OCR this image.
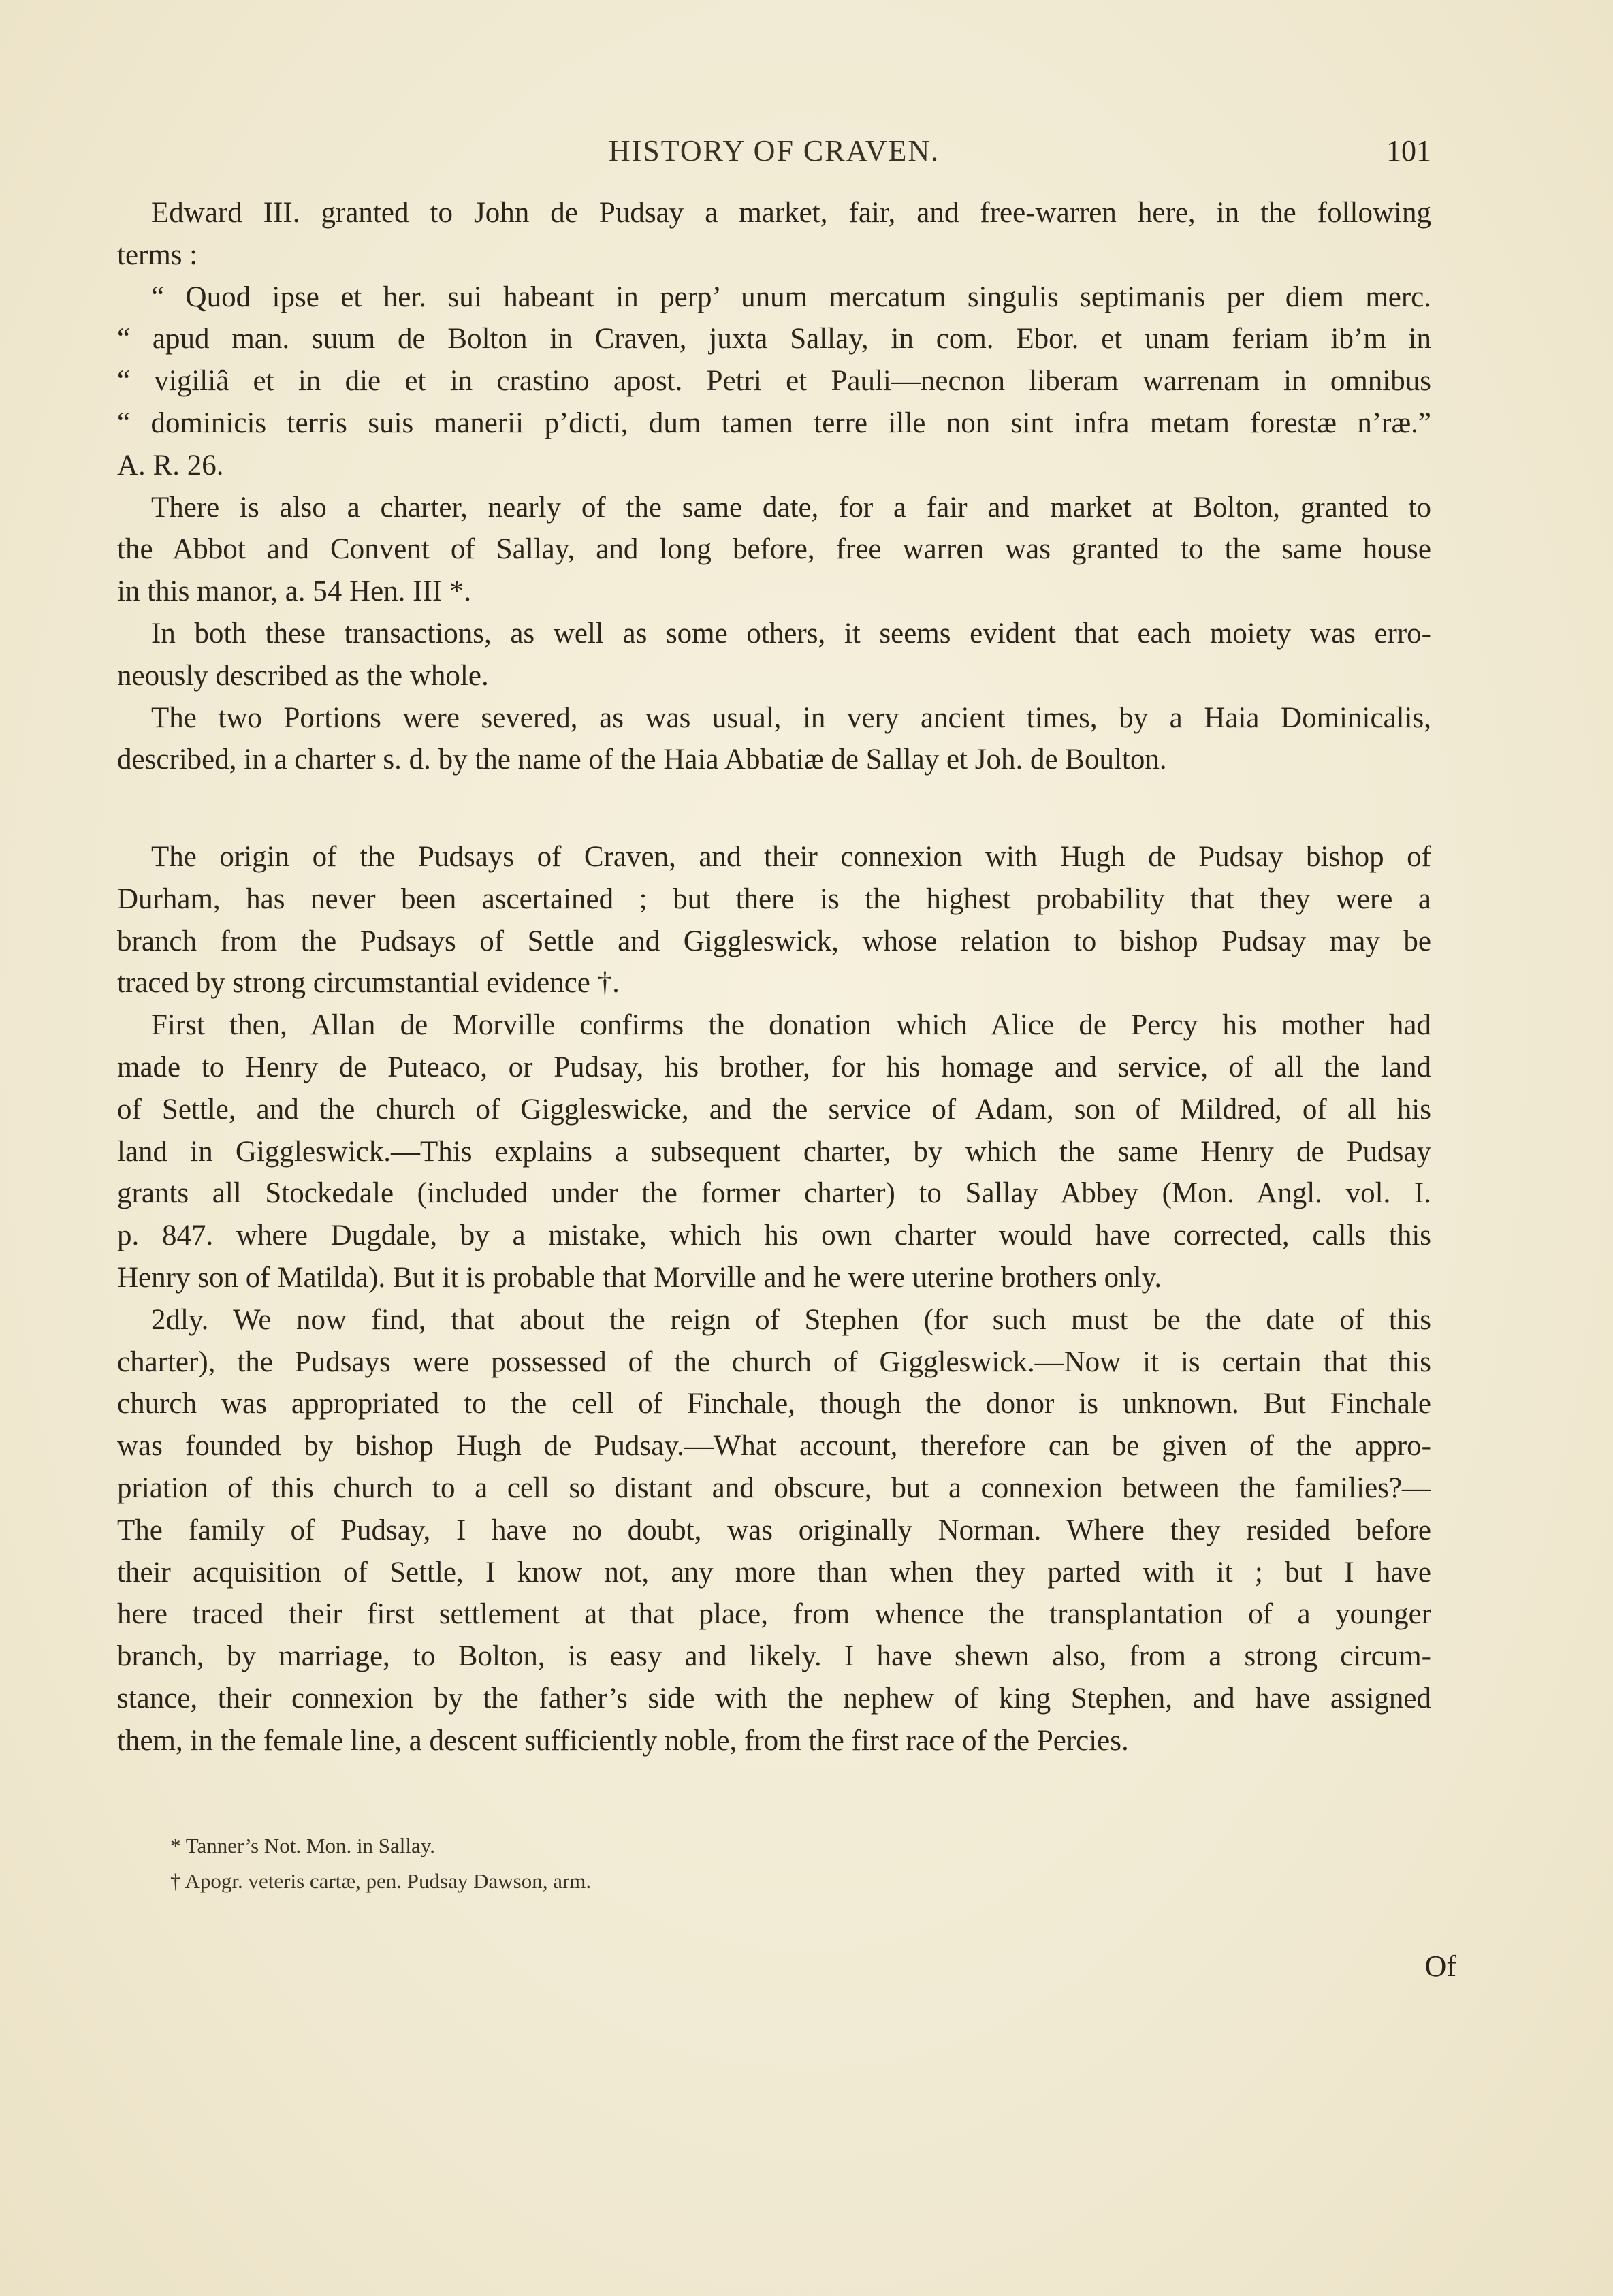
HISTORY OF CRAVEN.	101
Edward III. granted to John de Pudsay a market, fair, and free-warren here, in the following
terms :
“ Quod ipse et her. sui habeant in perp’ unum mercatum singulis septimanis per diem merc.
“ apud man. suum de Bolton in Craven, juxta Sallay, in com. Ebor. et unam feriam ib’m in
“ vigiliâ et in die et in crastino apost. Petri et Pauli—necnon liberam warrenam in omnibus
“ dominicis terris suis manerii p’dicti, dum tamen terre ille non sint infra metam forestæ n’ræ.”
A. R. 26.
There is also a charter, nearly of the same date, for a fair and market at Bolton, granted to
the Abbot and Convent of Sallay, and long before, free warren was granted to the same house
in this manor, a. 54 Hen. III *.
In both these transactions, as well as some others, it seems evident that each moiety was erro-
neously described as the whole.
The two Portions were severed, as was usual, in very ancient times, by a Haia Dominicalis,
described, in a charter s. d. by the name of the Haia Abbatiæ de Sallay et Joh. de Boulton.
The origin of the Pudsays of Craven, and their connexion with Hugh de Pudsay bishop of
Durham, has never been ascertained ; but there is the highest probability that they were a
branch from the Pudsays of Settle and Giggleswick, whose relation to bishop Pudsay may be
traced by strong circumstantial evidence †.
First then, Allan de Morville confirms the donation which Alice de Percy his mother had
made to Henry de Puteaco, or Pudsay, his brother, for his homage and service, of all the land
of Settle, and the church of Giggleswicke, and the service of Adam, son of Mildred, of all his
land in Giggleswick.—This explains a subsequent charter, by which the same Henry de Pudsay
grants all Stockedale (included under the former charter) to Sallay Abbey (Mon. Angl. vol. I.
p. 847. where Dugdale, by a mistake, which his own charter would have corrected, calls this
Henry son of Matilda). But it is probable that Morville and he were uterine brothers only.
2dly. We now find, that about the reign of Stephen (for such must be the date of this
charter), the Pudsays were possessed of the church of Giggleswick.—Now it is certain that this
church was appropriated to the cell of Finchale, though the donor is unknown. But Finchale
was founded by bishop Hugh de Pudsay.—What account, therefore can be given of the appro-
priation of this church to a cell so distant and obscure, but a connexion between the families?—
The family of Pudsay, I have no doubt, was originally Norman. Where they resided before
their acquisition of Settle, I know not, any more than when they parted with it ; but I have
here traced their first settlement at that place, from whence the transplantation of a younger
branch, by marriage, to Bolton, is easy and likely. I have shewn also, from a strong circum-
stance, their connexion by the father’s side with the nephew of king Stephen, and have assigned
them, in the female line, a descent sufficiently noble, from the first race of the Percies.
* Tanner’s Not. Mon. in Sallay.
† Apogr. veteris cartæ, pen. Pudsay Dawson, arm.
Of
